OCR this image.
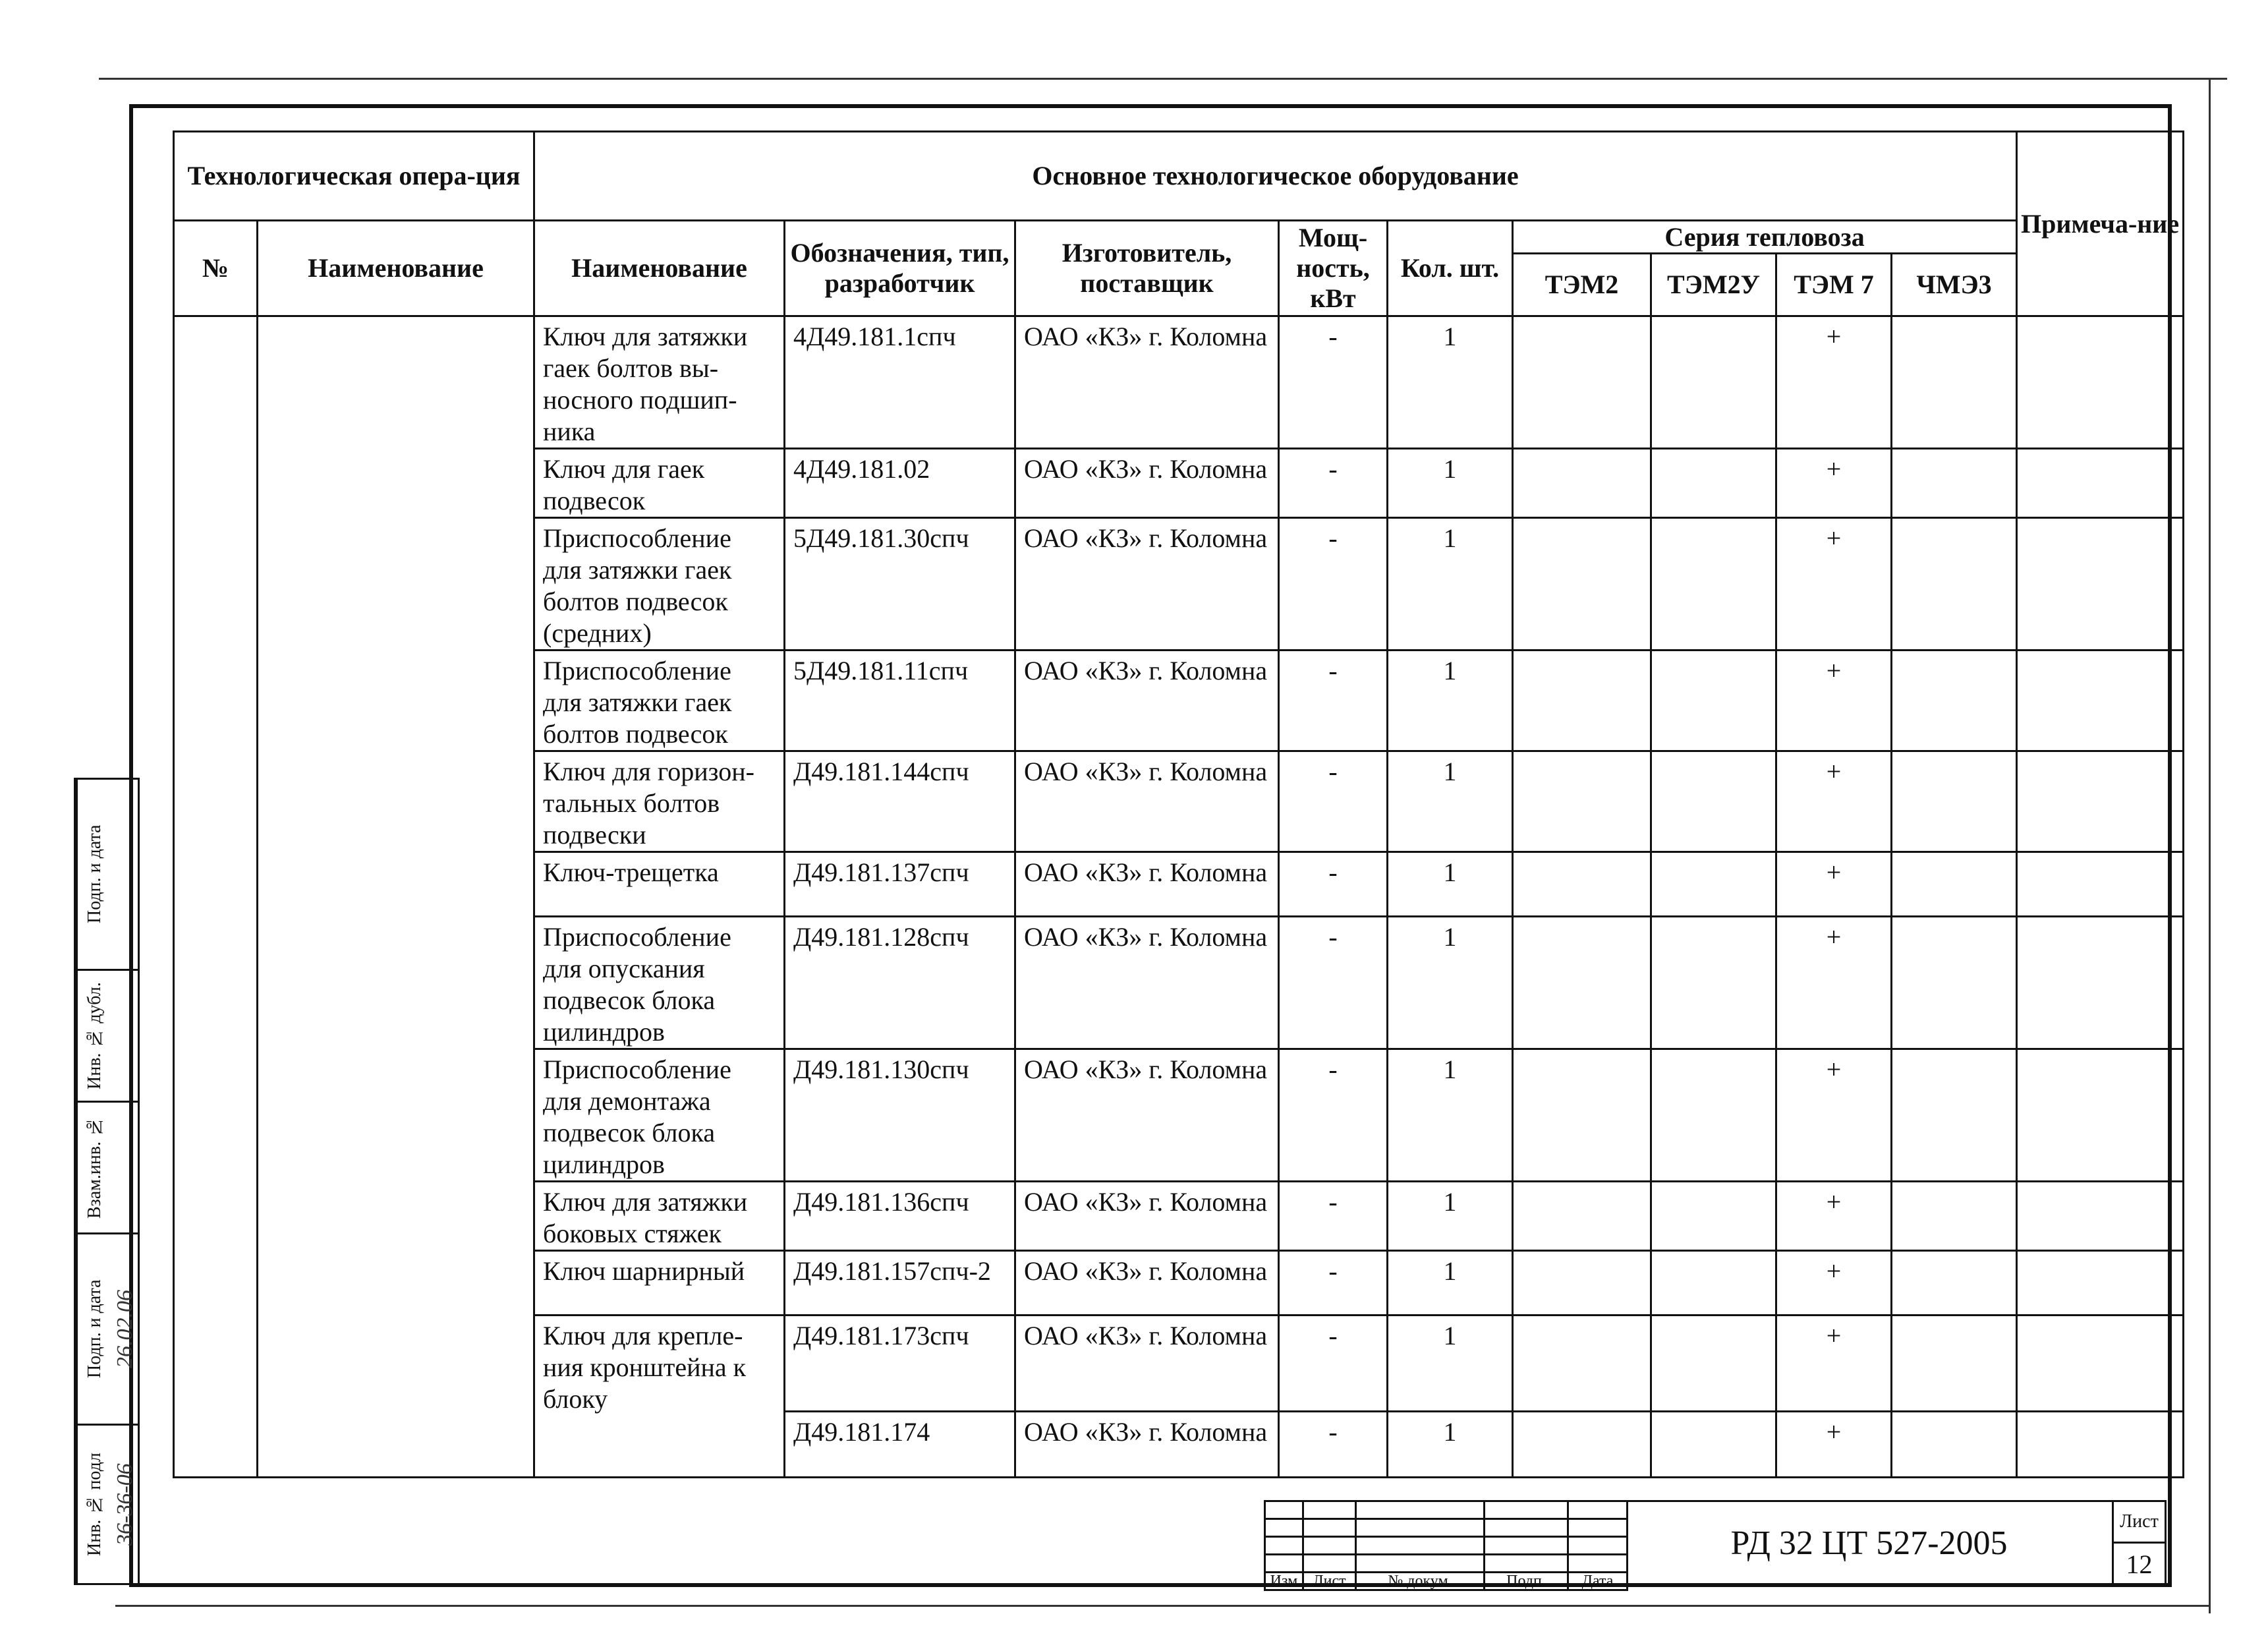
Технологическая опера-ция		Основное технологическое оборудование									Примеча-ние
№	Наименование	Наименование	Обозначения, тип, разработчик	Изготовитель, поставщик	Мощ-ность, кВт	Кол. шт.	Серия тепловоза				
							ТЭМ2	ТЭМ2У	ТЭМ 7	ЧМЭ3	
		Ключ для затяжки гаек болтов вы-носного подшип-ника	4Д49.181.1спч	ОАО «КЗ» г. Коломна	-	1			+		
		Ключ для гаек подвесок	4Д49.181.02	ОАО «КЗ» г. Коломна	-	1			+		
		Приспособление для затяжки гаек болтов подвесок (средних)	5Д49.181.30спч	ОАО «КЗ» г. Коломна	-	1			+		
		Приспособление для затяжки гаек болтов подвесок	5Д49.181.11спч	ОАО «КЗ» г. Коломна	-	1			+		
		Ключ для горизон-тальных болтов подвески	Д49.181.144спч	ОАО «КЗ» г. Коломна	-	1			+		
		Ключ-трещетка	Д49.181.137спч	ОАО «КЗ» г. Коломна	-	1			+		
		Приспособление для опускания подвесок блока цилиндров	Д49.181.128спч	ОАО «КЗ» г. Коломна	-	1			+		
		Приспособление для демонтажа подвесок блока цилиндров	Д49.181.130спч	ОАО «КЗ» г. Коломна	-	1			+		
		Ключ для затяжки боковых стяжек	Д49.181.136спч	ОАО «КЗ» г. Коломна	-	1			+		
		Ключ шарнирный	Д49.181.157спч-2	ОАО «КЗ» г. Коломна	-	1			+		
		Ключ для крепле-ния кронштейна к блоку	Д49.181.173спч	ОАО «КЗ» г. Коломна	-	1			+		
			Д49.181.174	ОАО «КЗ» г. Коломна	-	1			+		
Подп. и дата
Инв. № дубл.
Взам.инв. №
Подп. и дата 26.02.06
Инв. № подл 36-36-06

Изм	Лист	№ докум.	Подп.	Дата
РД 32 ЦТ 527-2005
Лист
12
